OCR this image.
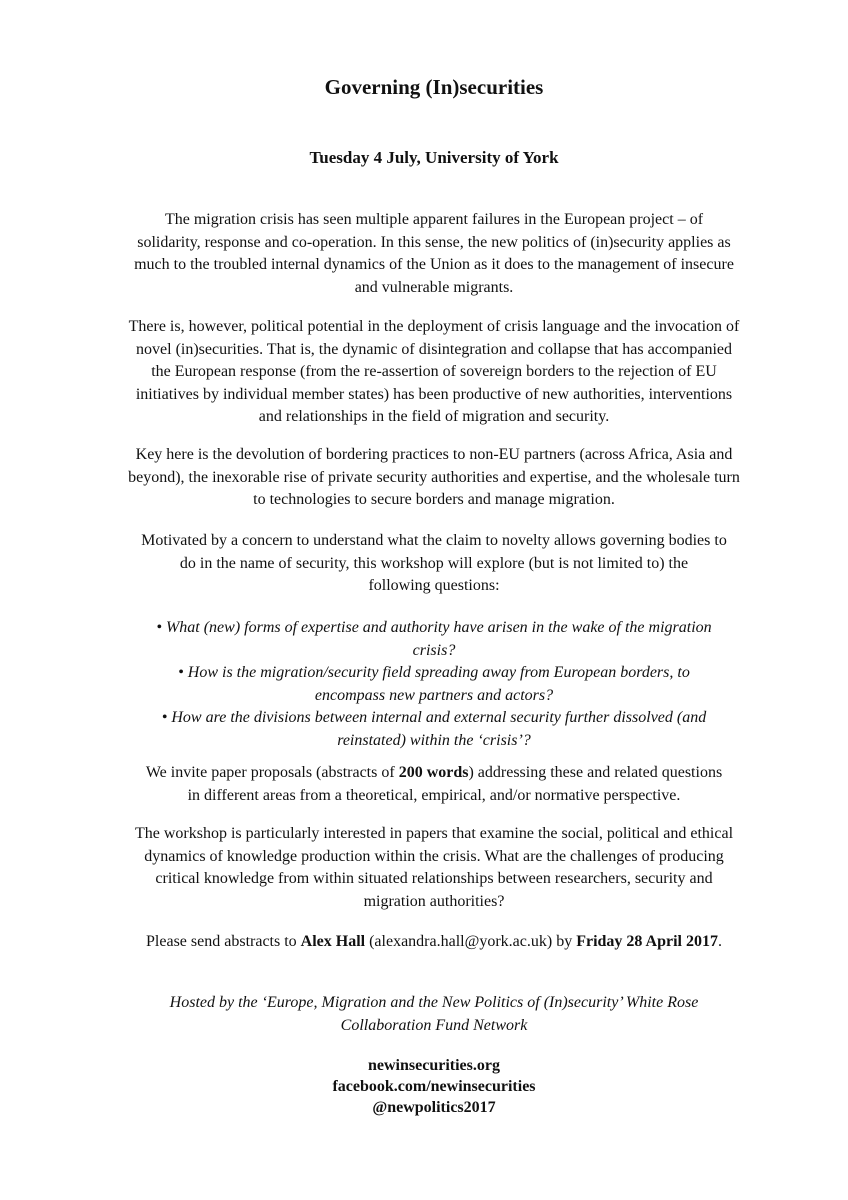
Governing (In)securities
Tuesday 4 July, University of York

The migration crisis has seen multiple apparent failures in the European project – of
solidarity, response and co-operation. In this sense, the new politics of (in)security applies as
much to the troubled internal dynamics of the Union as it does to the management of insecure
and vulnerable migrants.

There is, however, political potential in the deployment of crisis language and the invocation of
novel (in)securities. That is, the dynamic of disintegration and collapse that has accompanied
the European response (from the re-assertion of sovereign borders to the rejection of EU
initiatives by individual member states) has been productive of new authorities, interventions
and relationships in the field of migration and security.

Key here is the devolution of bordering practices to non-EU partners (across Africa, Asia and
beyond), the inexorable rise of private security authorities and expertise, and the wholesale turn
to technologies to secure borders and manage migration.

Motivated by a concern to understand what the claim to novelty allows governing bodies to
do in the name of security, this workshop will explore (but is not limited to) the
following questions:

• What (new) forms of expertise and authority have arisen in the wake of the migration
crisis?
• How is the migration/security field spreading away from European borders, to
encompass new partners and actors?
• How are the divisions between internal and external security further dissolved (and
reinstated) within the ‘crisis’?

We invite paper proposals (abstracts of 200 words) addressing these and related questions
in different areas from a theoretical, empirical, and/or normative perspective.

The workshop is particularly interested in papers that examine the social, political and ethical
dynamics of knowledge production within the crisis. What are the challenges of producing
critical knowledge from within situated relationships between researchers, security and
migration authorities?

Please send abstracts to Alex Hall (alexandra.hall@york.ac.uk) by Friday 28 April 2017.

Hosted by the ‘Europe, Migration and the New Politics of (In)security’ White Rose
Collaboration Fund Network

newinsecurities.org
facebook.com/newinsecurities
@newpolitics2017
